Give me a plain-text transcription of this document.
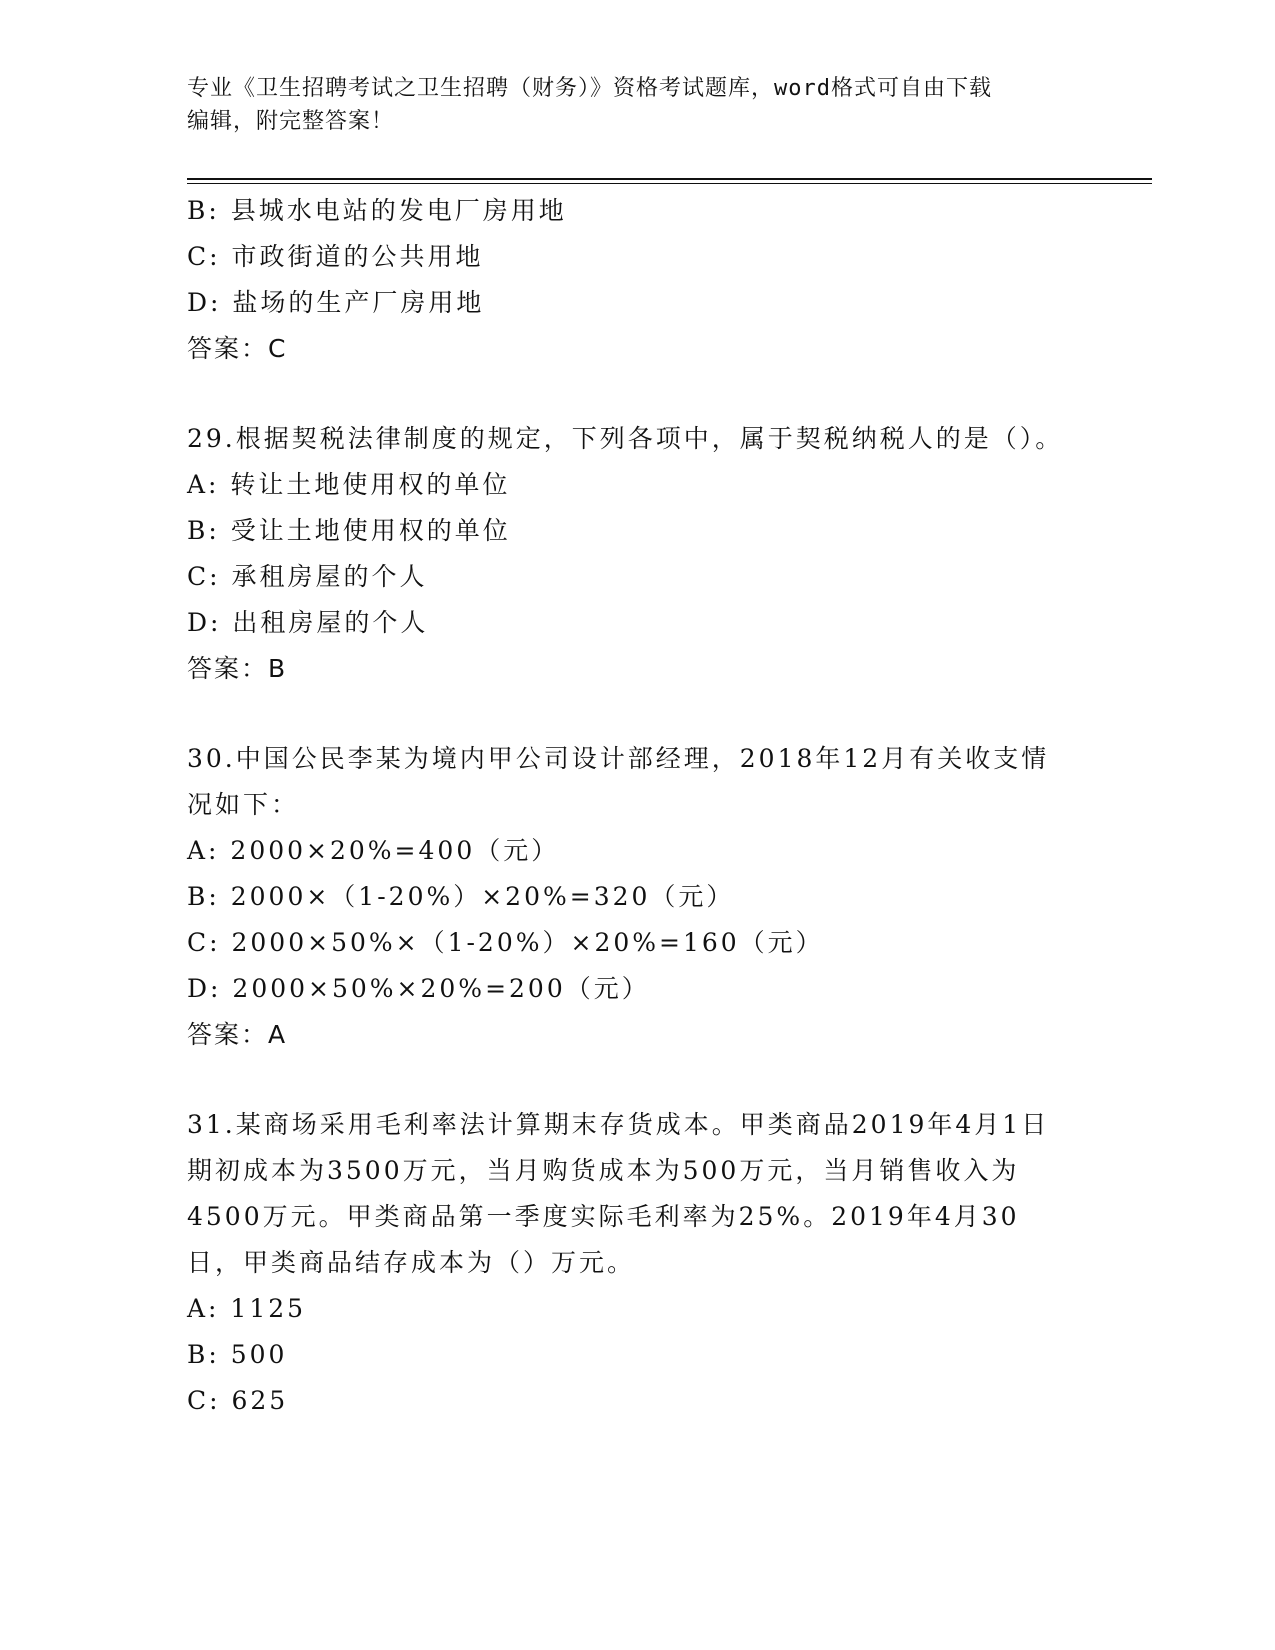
专业《卫生招聘考试之卫生招聘（财务）》资格考试题库，word格式可自由下载
编辑，附完整答案！
B: 县城水电站的发电厂房用地
C: 市政街道的公共用地
D: 盐场的生产厂房用地
答案：C
29.根据契税法律制度的规定，下列各项中，属于契税纳税人的是（）。
A: 转让土地使用权的单位
B: 受让土地使用权的单位
C: 承租房屋的个人
D: 出租房屋的个人
答案：B
30.中国公民李某为境内甲公司设计部经理，2018年12月有关收支情况如下：
A: 2000×20%=400（元）
B: 2000×（1-20%）×20%=320（元）
C: 2000×50%×（1-20%）×20%=160（元）
D: 2000×50%×20%=200（元）
答案：A
31.某商场采用毛利率法计算期末存货成本。甲类商品2019年4月1日期初成本为3500万元，当月购货成本为500万元，当月销售收入为4500万元。甲类商品第一季度实际毛利率为25%。2019年4月30日，甲类商品结存成本为（）万元。
A: 1125
B: 500
C: 625
